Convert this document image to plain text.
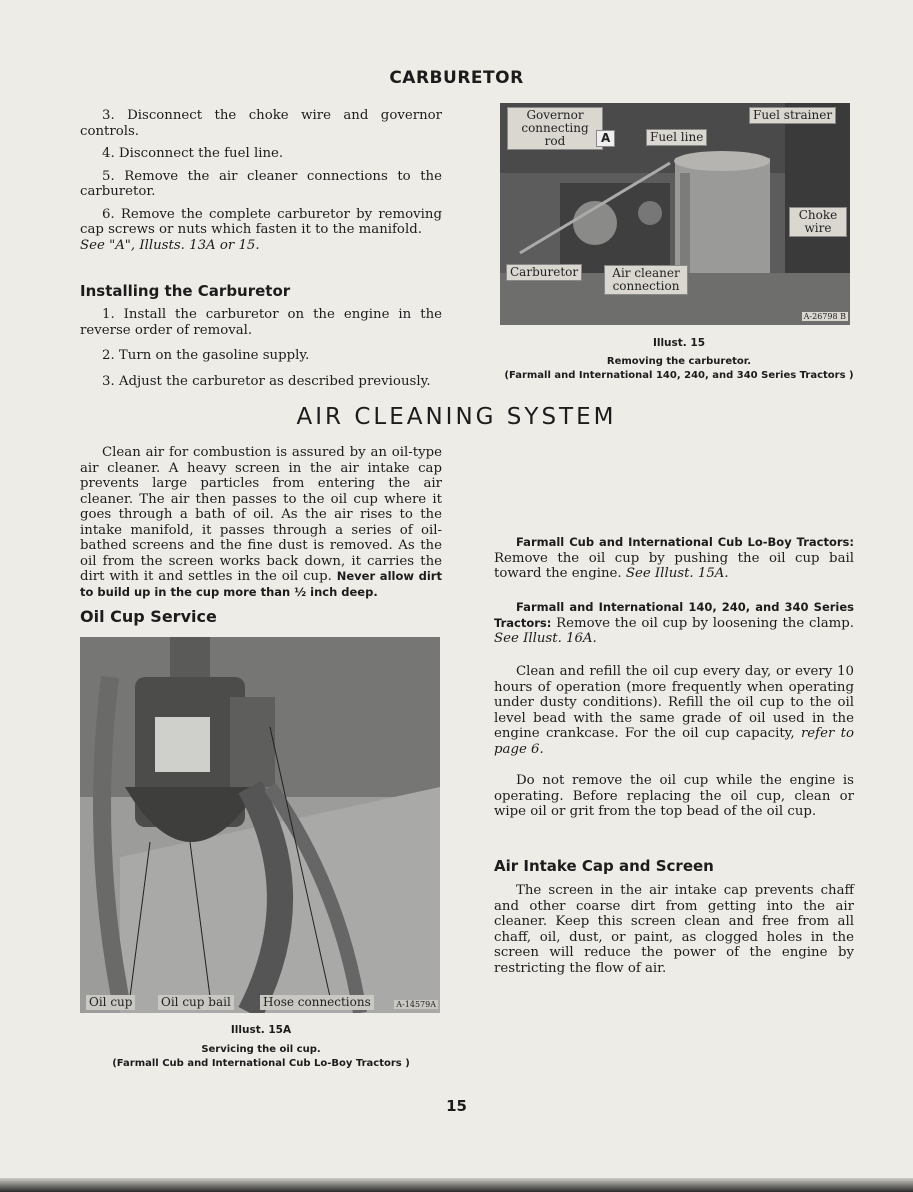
CARBURETOR

3. Disconnect the choke wire and governor controls.

4. Disconnect the fuel line.

5. Remove the air cleaner connections to the carburetor.

6. Remove the complete carburetor by removing cap screws or nuts which fasten it to the manifold.

See "A", Illusts. 13A or 15.

Installing the Carburetor

1. Install the carburetor on the engine in the reverse order of removal.

2. Turn on the gasoline supply.

3. Adjust the carburetor as described previously.

Governor connecting rod	A	Fuel line
Fuel strainer
Choke wire
Carburetor	Air cleaner connection
A-26798 B
Illust. 15
Removing the carburetor.
(Farmall and International 140, 240, and 340 Series Tractors )
AIR CLEANING SYSTEM

Clean air for combustion is assured by an oil-type air cleaner. A heavy screen in the air intake cap prevents large particles from entering the air cleaner. The air then passes to the oil cup where it goes through a bath of oil. As the air rises to the intake manifold, it passes through a series of oil-bathed screens and the fine dust is removed. As the oil from the screen works back down, it carries the dirt with it and settles in the oil cup. Never allow dirt to build up in the cup more than ½ inch deep.

Oil Cup Service
Oil cup Oil cup bail	Hose connections	A-14579A
Illust. 15A
Servicing the oil cup.
(Farmall Cub and International Cub Lo-Boy Tractors )

Farmall Cub and International Cub Lo-Boy Tractors: Remove the oil cup by pushing the oil cup bail toward the engine. See Illust. 15A.

Farmall and International 140, 240, and 340 Series Tractors: Remove the oil cup by loosening the clamp. See Illust. 16A.

Clean and refill the oil cup every day, or every 10 hours of operation (more frequently when operating under dusty conditions). Refill the oil cup to the oil level bead with the same grade of oil used in the engine crankcase. For the oil cup capacity, refer to page 6.

Do not remove the oil cup while the engine is operating. Before replacing the oil cup, clean or wipe oil or grit from the top bead of the oil cup.

Air Intake Cap and Screen

The screen in the air intake cap prevents chaff and other coarse dirt from getting into the air cleaner. Keep this screen clean and free from all chaff, oil, dust, or paint, as clogged holes in the screen will reduce the power of the engine by restricting the flow of air.

15
